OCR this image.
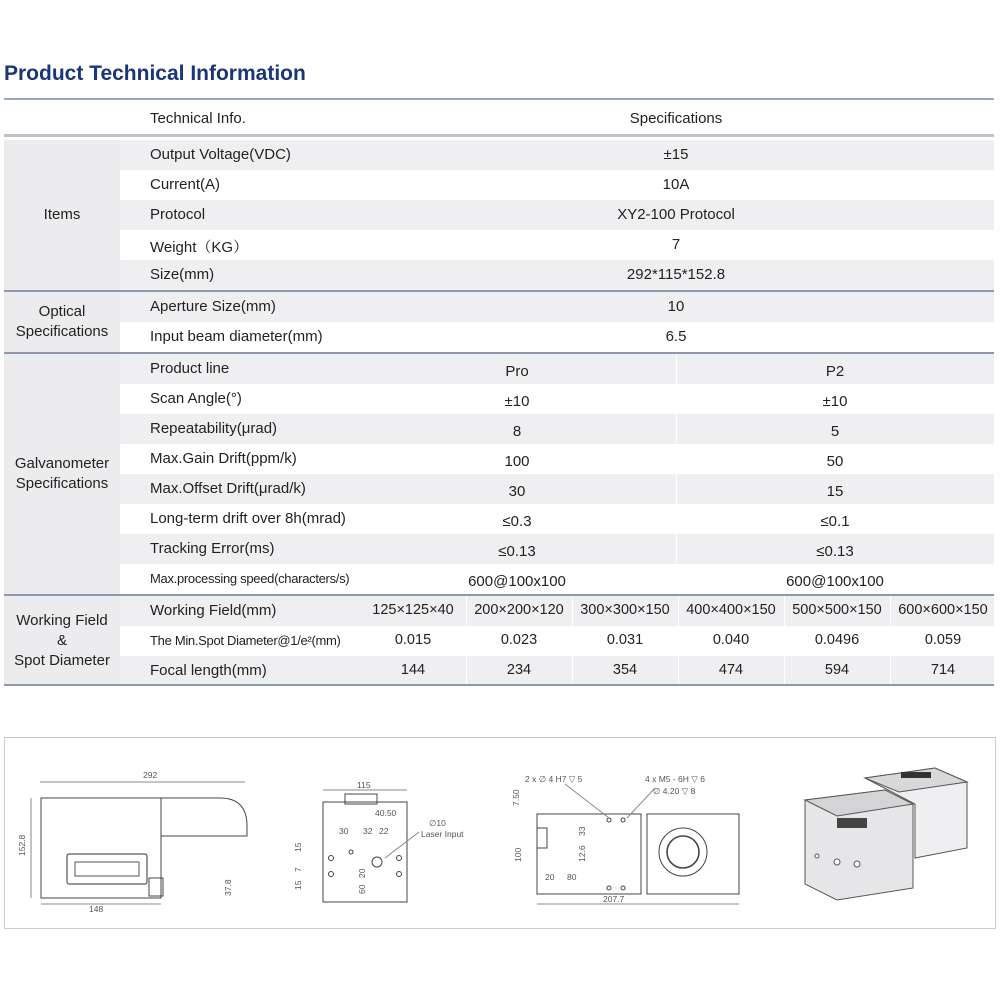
Product Technical Information
Technical Info.	Specifications
Items
Output Voltage(VDC)	±15
Current(A)	10A
Protocol	XY2-100 Protocol
Weight（KG）	7
Size(mm)	292*115*152.8
Optical
Specifications
Aperture Size(mm)	10
Input beam diameter(mm)	6.5
Galvanometer
Specifications
Product line	Pro	P2
Scan Angle(°)	±10	±10
Repeatability(μrad)	8	5
Max.Gain Drift(ppm/k)	100	50
Max.Offset Drift(μrad/k)	30	15
Long-term drift over 8h(mrad)	≤0.3	≤0.1
Tracking Error(ms)	≤0.13	≤0.13
Max.processing speed(characters/s)	600@100x100	600@100x100
Working Field
&
Spot Diameter
Working Field(mm)	125×125×40	200×200×120	300×300×150	400×400×150	500×500×150	600×600×150
The Min.Spot Diameter@1/e²(mm)	0.015	0.023	0.031	0.040	0.0496	0.059
Focal length(mm)	144	234	354	474	594	714
292
152.8
148
37.8
115
40.50
30 32 22
∅10
Laser Input
15
7
15	60
20
2 x ∅ 4 H7 ▽ 5	4 x M5 - 6H ▽ 6
∅ 4.20 ▽ 8
7.50
33
12.6
100
20 80
207.7
